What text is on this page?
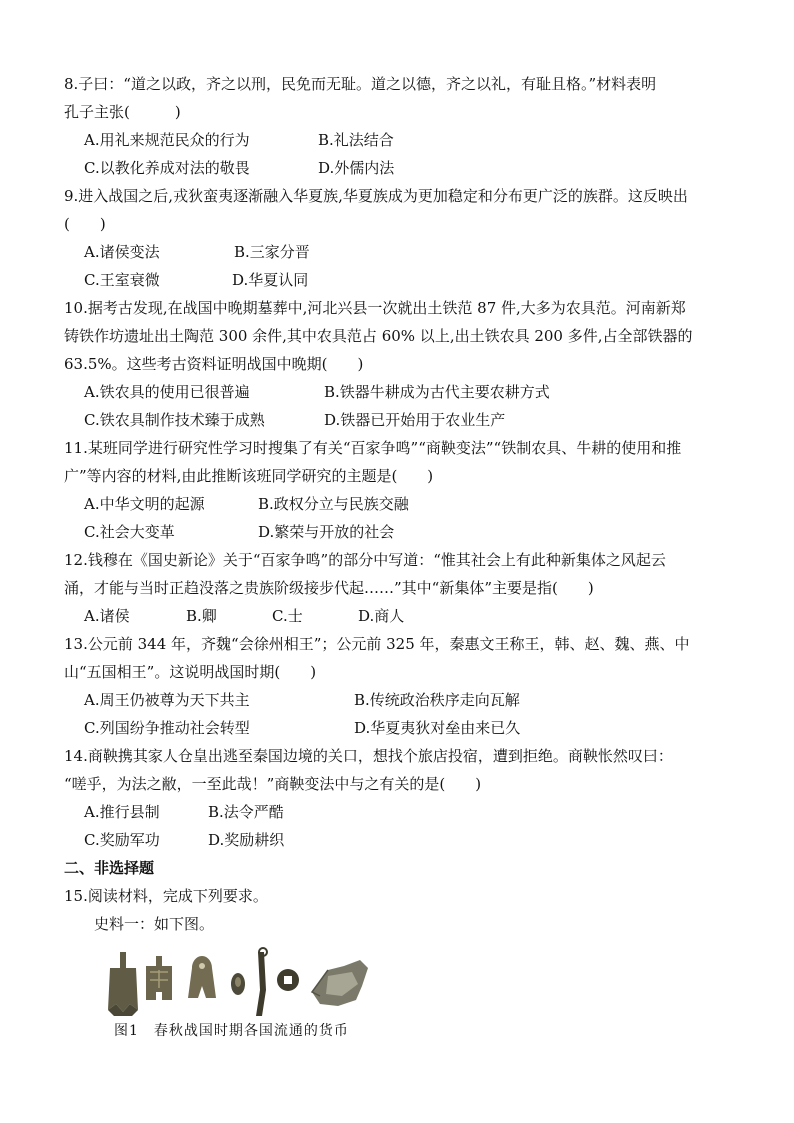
8.子曰：“道之以政，齐之以刑，民免而无耻。道之以德，齐之以礼，有耻且格。”材料表明
孔子主张(　　　)
A.用礼来规范民众的行为	B.礼法结合
C.以教化养成对法的敬畏	D.外儒内法
9.进入战国之后,戎狄蛮夷逐渐融入华夏族,华夏族成为更加稳定和分布更广泛的族群。这反映出
(　　)
A.诸侯变法	B.三家分晋
C.王室衰微	D.华夏认同
10.据考古发现,在战国中晚期墓葬中,河北兴县一次就出土铁范 87 件,大多为农具范。河南新郑
铸铁作坊遗址出土陶范 300 余件,其中农具范占 60% 以上,出土铁农具 200 多件,占全部铁器的
63.5%。这些考古资料证明战国中晚期(　　)
A.铁农具的使用已很普遍	B.铁器牛耕成为古代主要农耕方式
C.铁农具制作技术臻于成熟	D.铁器已开始用于农业生产
11.某班同学进行研究性学习时搜集了有关“百家争鸣”“商鞅变法”“铁制农具、牛耕的使用和推
广”等内容的材料,由此推断该班同学研究的主题是(　　)
A.中华文明的起源	B.政权分立与民族交融
C.社会大变革	D.繁荣与开放的社会
12.钱穆在《国史新论》关于“百家争鸣”的部分中写道：“惟其社会上有此种新集体之风起云
涌，才能与当时正趋没落之贵族阶级接步代起……”其中“新集体”主要是指(　　)
A.诸侯	B.卿	C.士	D.商人
13.公元前 344 年，齐魏“会徐州相王”；公元前 325 年，秦惠文王称王，韩、赵、魏、燕、中
山“五国相王”。这说明战国时期(　　)
A.周王仍被尊为天下共主	B.传统政治秩序走向瓦解
C.列国纷争推动社会转型	D.华夏夷狄对垒由来已久
14.商鞅携其家人仓皇出逃至秦国边境的关口，想找个旅店投宿，遭到拒绝。商鞅怅然叹曰：
“嗟乎，为法之敝，一至此哉！”商鞅变法中与之有关的是(　　)
A.推行县制	B.法令严酷
C.奖励军功	D.奖励耕织
二、非选择题
15.阅读材料，完成下列要求。
史料一：如下图。
图1　春秋战国时期各国流通的货币
